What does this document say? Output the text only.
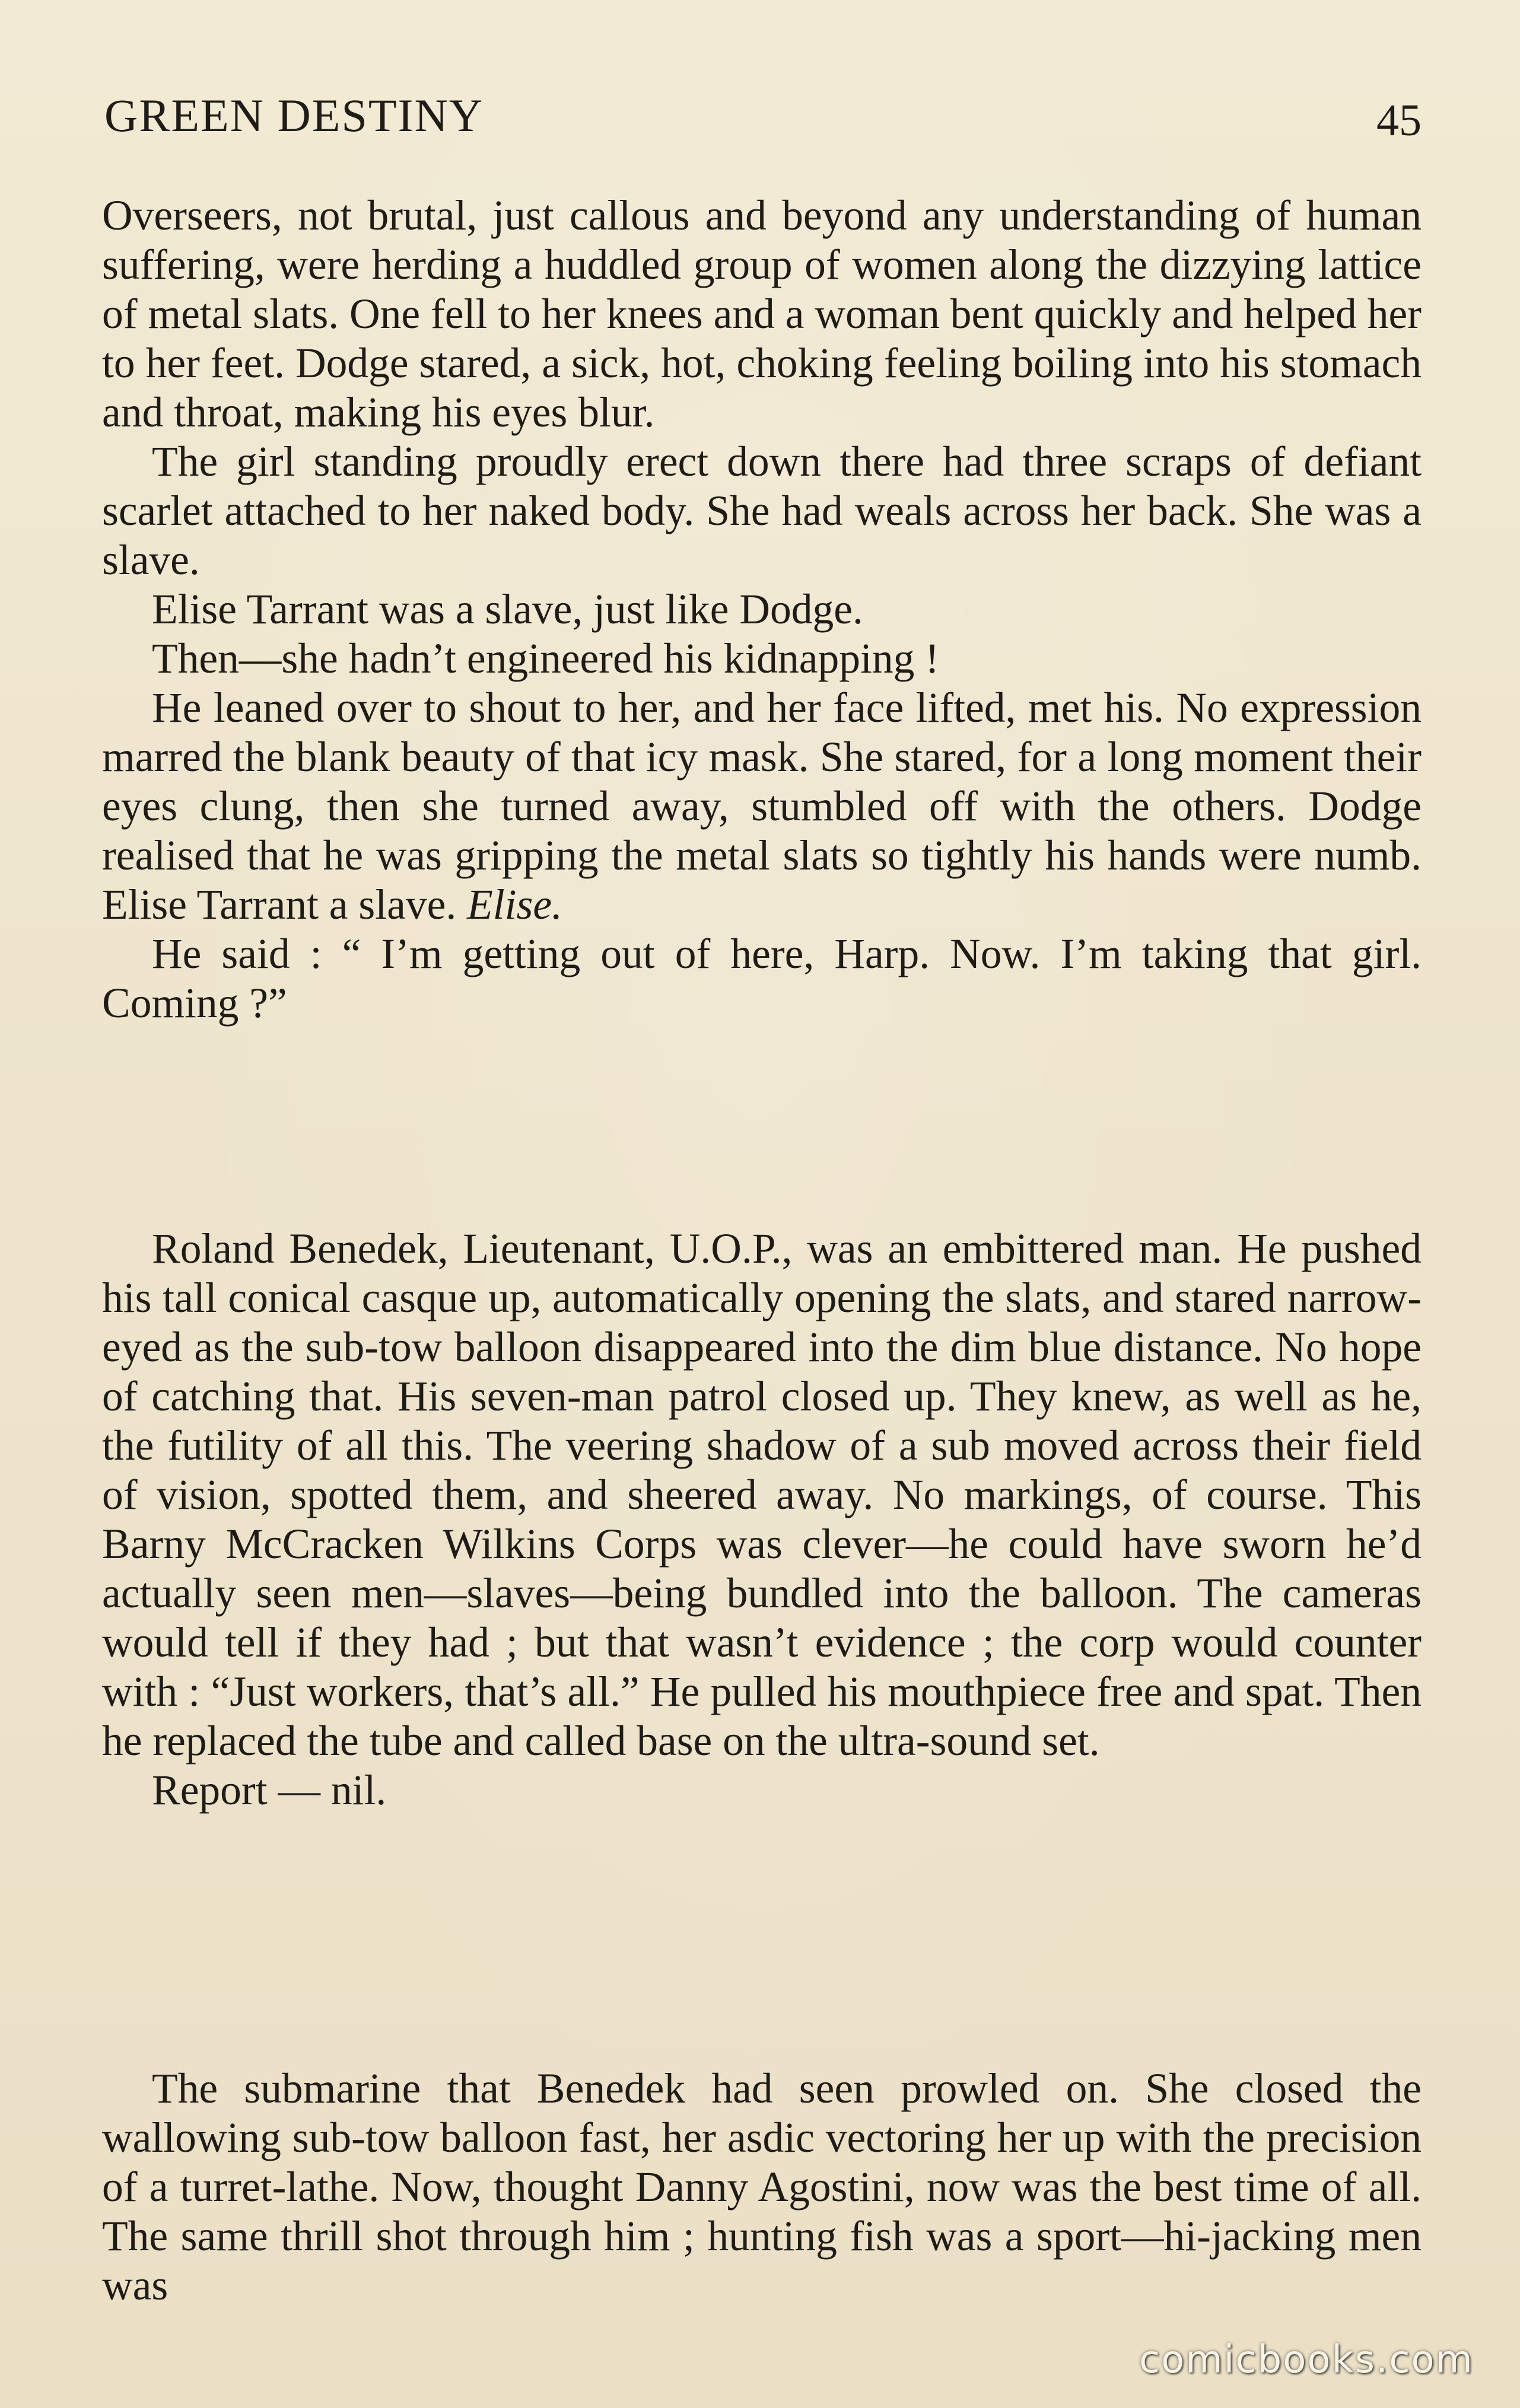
GREEN DESTINY	45

Overseers, not brutal, just callous and beyond any understanding of human suffering, were herding a huddled group of women along the dizzying lattice of metal slats. One fell to her knees and a woman bent quickly and helped her to her feet. Dodge stared, a sick, hot, choking feeling boiling into his stomach and throat, making his eyes blur.

The girl standing proudly erect down there had three scraps of defiant scarlet attached to her naked body. She had weals across her back. She was a slave.

Elise Tarrant was a slave, just like Dodge.

Then—she hadn’t engineered his kidnapping !

He leaned over to shout to her, and her face lifted, met his. No expression marred the blank beauty of that icy mask. She stared, for a long moment their eyes clung, then she turned away, stumbled off with the others. Dodge realised that he was gripping the metal slats so tightly his hands were numb. Elise Tarrant a slave. Elise.

He said : “ I’m getting out of here, Harp. Now. I’m taking that girl. Coming ?”

Roland Benedek, Lieutenant, U.O.P., was an embittered man. He pushed his tall conical casque up, automatically opening the slats, and stared narrow-eyed as the sub-tow balloon disappeared into the dim blue distance. No hope of catching that. His seven-man patrol closed up. They knew, as well as he, the futility of all this. The veering shadow of a sub moved across their field of vision, spotted them, and sheered away. No markings, of course. This Barny McCracken Wilkins Corps was clever—he could have sworn he’d actually seen men—slaves—being bundled into the balloon. The cameras would tell if they had ; but that wasn’t evidence ; the corp would counter with : “Just workers, that’s all.” He pulled his mouthpiece free and spat. Then he replaced the tube and called base on the ultra-sound set.

Report — nil.

The submarine that Benedek had seen prowled on. She closed the wallowing sub-tow balloon fast, her asdic vectoring her up with the precision of a turret-lathe. Now, thought Danny Agostini, now was the best time of all. The same thrill shot through him ; hunting fish was a sport—hi-jacking men was

comicbooks.com
